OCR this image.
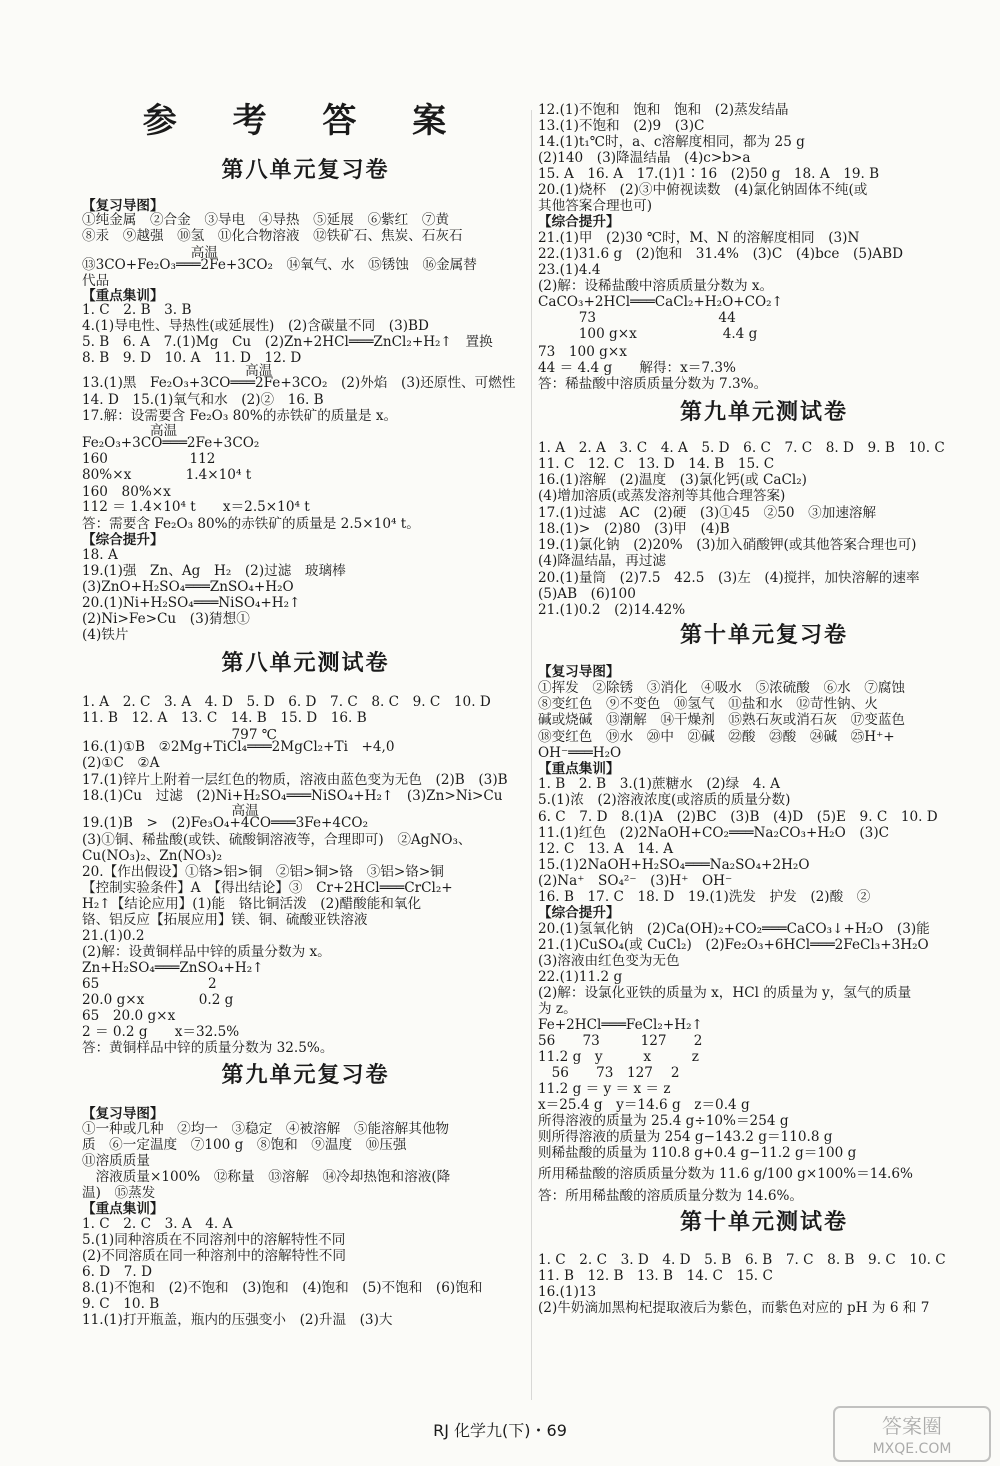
参 考 答 案
第八单元复习卷
【复习导图】
①纯金属　②合金　③导电　④导热　⑤延展　⑥紫红　⑦黄
⑧汞　⑨越强　⑩氢　⑪化合物溶液　⑫铁矿石、焦炭、石灰石
　　　　　　　　高温
⑬3CO+Fe₂O₃═══2Fe+3CO₂　⑭氧气、水　⑮锈蚀　⑯金属替
代品
【重点集训】
1. C　2. B　3. B
4.(1)导电性、导热性(或延展性)　(2)含碳量不同　(3)BD
5. B　6. A　7.(1)Mg　Cu　(2)Zn+2HCl═══ZnCl₂+H₂↑　置换
8. B　9. D　10. A　11. D　12. D
　　　　　　　　　　　　高温
13.(1)黑　Fe₂O₃+3CO═══2Fe+3CO₂　(2)外焰　(3)还原性、可燃性
14. D　15.(1)氧气和水　(2)②　16. B
17.解：设需要含 Fe₂O₃ 80%的赤铁矿的质量是 x。
　　　　　高温
Fe₂O₃+3CO═══2Fe+3CO₂
160　　　　　　112
80%×x　　　　1.4×10⁴ t
160　80%×x
112 ＝ 1.4×10⁴ t　　x＝2.5×10⁴ t
答：需要含 Fe₂O₃ 80%的赤铁矿的质量是 2.5×10⁴ t。
【综合提升】
18. A
19.(1)强　Zn、Ag　H₂　(2)过滤　玻璃棒
(3)ZnO+H₂SO₄═══ZnSO₄+H₂O
20.(1)Ni+H₂SO₄═══NiSO₄+H₂↑
(2)Ni>Fe>Cu　(3)猜想①
(4)铁片
第八单元测试卷
1. A　2. C　3. A　4. D　5. D　6. D　7. C　8. C　9. C　10. D
11. B　12. A　13. C　14. B　15. D　16. B
　　　　　　　　　　　797 ℃
16.(1)①B　②2Mg+TiCl₄═══2MgCl₂+Ti　+4,0
(2)①C　②A
17.(1)锌片上附着一层红色的物质，溶液由蓝色变为无色　(2)B　(3)B
18.(1)Cu　过滤　(2)Ni+H₂SO₄═══NiSO₄+H₂↑　(3)Zn>Ni>Cu
　　　　　　　　　　　高温
19.(1)B　>　(2)Fe₃O₄+4CO═══3Fe+4CO₂
(3)①铜、稀盐酸(或铁、硫酸铜溶液等，合理即可)　②AgNO₃、
Cu(NO₃)₂、Zn(NO₃)₂
20.【作出假设】①铬>铝>铜　②铝>铜>铬　③铝>铬>铜
【控制实验条件】A　【得出结论】③　Cr+2HCl═══CrCl₂+
H₂↑【结论应用】(1)能　铬比铜活泼　(2)醋酸能和氧化
铬、铝反应【拓展应用】镁、铜、硫酸亚铁溶液
21.(1)0.2
(2)解：设黄铜样品中锌的质量分数为 x。
Zn+H₂SO₄═══ZnSO₄+H₂↑
65　　　　　　　　2
20.0 g×x　　　　0.2 g
65　20.0 g×x
2 ＝ 0.2 g　　x＝32.5%
答：黄铜样品中锌的质量分数为 32.5%。
第九单元复习卷
【复习导图】
①一种或几种　②均一　③稳定　④被溶解　⑤能溶解其他物
质　⑥一定温度　⑦100 g　⑧饱和　⑨温度　⑩压强
⑪溶质质量
　溶液质量×100%　⑫称量　⑬溶解　⑭冷却热饱和溶液(降
温)　⑮蒸发
【重点集训】
1. C　2. C　3. A　4. A
5.(1)同种溶质在不同溶剂中的溶解特性不同
(2)不同溶质在同一种溶剂中的溶解特性不同
6. D　7. D
8.(1)不饱和　(2)不饱和　(3)饱和　(4)饱和　(5)不饱和　(6)饱和
9. C　10. B
11.(1)打开瓶盖，瓶内的压强变小　(2)升温　(3)大
12.(1)不饱和　饱和　饱和　(2)蒸发结晶
13.(1)不饱和　(2)9　(3)C
14.(1)t₁℃时，a、c溶解度相同，都为 25 g
(2)140　(3)降温结晶　(4)c>b>a
15. A　16. A　17.(1)1∶16　(2)50 g　18. A　19. B
20.(1)烧杯　(2)③中俯视读数　(4)氯化钠固体不纯(或
其他答案合理也可)
【综合提升】
21.(1)甲　(2)30 ℃时，M、N 的溶解度相同　(3)N
22.(1)31.6 g　(2)饱和　31.4%　(3)C　(4)bce　(5)ABD
23.(1)4.4
(2)解：设稀盐酸中溶质质量分数为 x。
CaCO₃+2HCl═══CaCl₂+H₂O+CO₂↑
　　　73　　　　　　　　　44
　　　100 g×x　　　　　　 4.4 g
73　100 g×x
44 ＝ 4.4 g　　解得：x＝7.3%
答：稀盐酸中溶质质量分数为 7.3%。
第九单元测试卷
1. A　2. A　3. C　4. A　5. D　6. C　7. C　8. D　9. B　10. C
11. C　12. C　13. D　14. B　15. C
16.(1)溶解　(2)温度　(3)氯化钙(或 CaCl₂)
(4)增加溶质(或蒸发溶剂等其他合理答案)
17.(1)过滤　AC　(2)硬　(3)①45　②50　③加速溶解
18.(1)>　(2)80　(3)甲　(4)B
19.(1)氯化钠　(2)20%　(3)加入硝酸钾(或其他答案合理也可)
(4)降温结晶，再过滤
20.(1)量筒　(2)7.5　42.5　(3)左　(4)搅拌，加快溶解的速率
(5)AB　(6)100
21.(1)0.2　(2)14.42%
第十单元复习卷
【复习导图】
①挥发　②除锈　③消化　④吸水　⑤浓硫酸　⑥水　⑦腐蚀
⑧变红色　⑨不变色　⑩氢气　⑪盐和水　⑫苛性钠、火
碱或烧碱　⑬潮解　⑭干燥剂　⑮熟石灰或消石灰　⑰变蓝色
⑱变红色　⑲水　⑳中　㉑碱　㉒酸　㉓酸　㉔碱　㉕H⁺+
OH⁻═══H₂O
【重点集训】
1. B　2. B　3.(1)蔗糖水　(2)绿　4. A
5.(1)浓　(2)溶液浓度(或溶质的质量分数)
6. C　7. D　8.(1)A　(2)BC　(3)B　(4)D　(5)E　9. C　10. D
11.(1)红色　(2)2NaOH+CO₂═══Na₂CO₃+H₂O　(3)C
12. C　13. A　14. A
15.(1)2NaOH+H₂SO₄═══Na₂SO₄+2H₂O
(2)Na⁺　SO₄²⁻　(3)H⁺　OH⁻
16. B　17. C　18. D　19.(1)洗发　护发　(2)酸　②
【综合提升】
20.(1)氢氧化钠　(2)Ca(OH)₂+CO₂═══CaCO₃↓+H₂O　(3)能
21.(1)CuSO₄(或 CuCl₂)　(2)Fe₂O₃+6HCl═══2FeCl₃+3H₂O
(3)溶液由红色变为无色
22.(1)11.2 g
(2)解：设氯化亚铁的质量为 x，HCl 的质量为 y，氢气的质量
为 z。
Fe+2HCl═══FeCl₂+H₂↑
56　　73　　　127　　2
11.2 g　y　　　x　　　z
　56　　73　127　 2
11.2 g ＝ y ＝ x ＝ z
x＝25.4 g　y＝14.6 g　z＝0.4 g
所得溶液的质量为 25.4 g÷10%＝254 g
则所得溶液的质量为 254 g−143.2 g＝110.8 g
则稀盐酸的质量为 110.8 g+0.4 g−11.2 g＝100 g
所用稀盐酸的溶质质量分数为 11.6 g/100 g×100%＝14.6%
答：所用稀盐酸的溶质质量分数为 14.6%。
第十单元测试卷
1. C　2. C　3. D　4. D　5. B　6. B　7. C　8. B　9. C　10. C
11. B　12. B　13. B　14. C　15. C
16.(1)13
(2)牛奶滴加黑枸杞提取液后为紫色，而紫色对应的 pH 为 6 和 7
RJ 化学九(下)・69	答案圈
MXQE.COM
